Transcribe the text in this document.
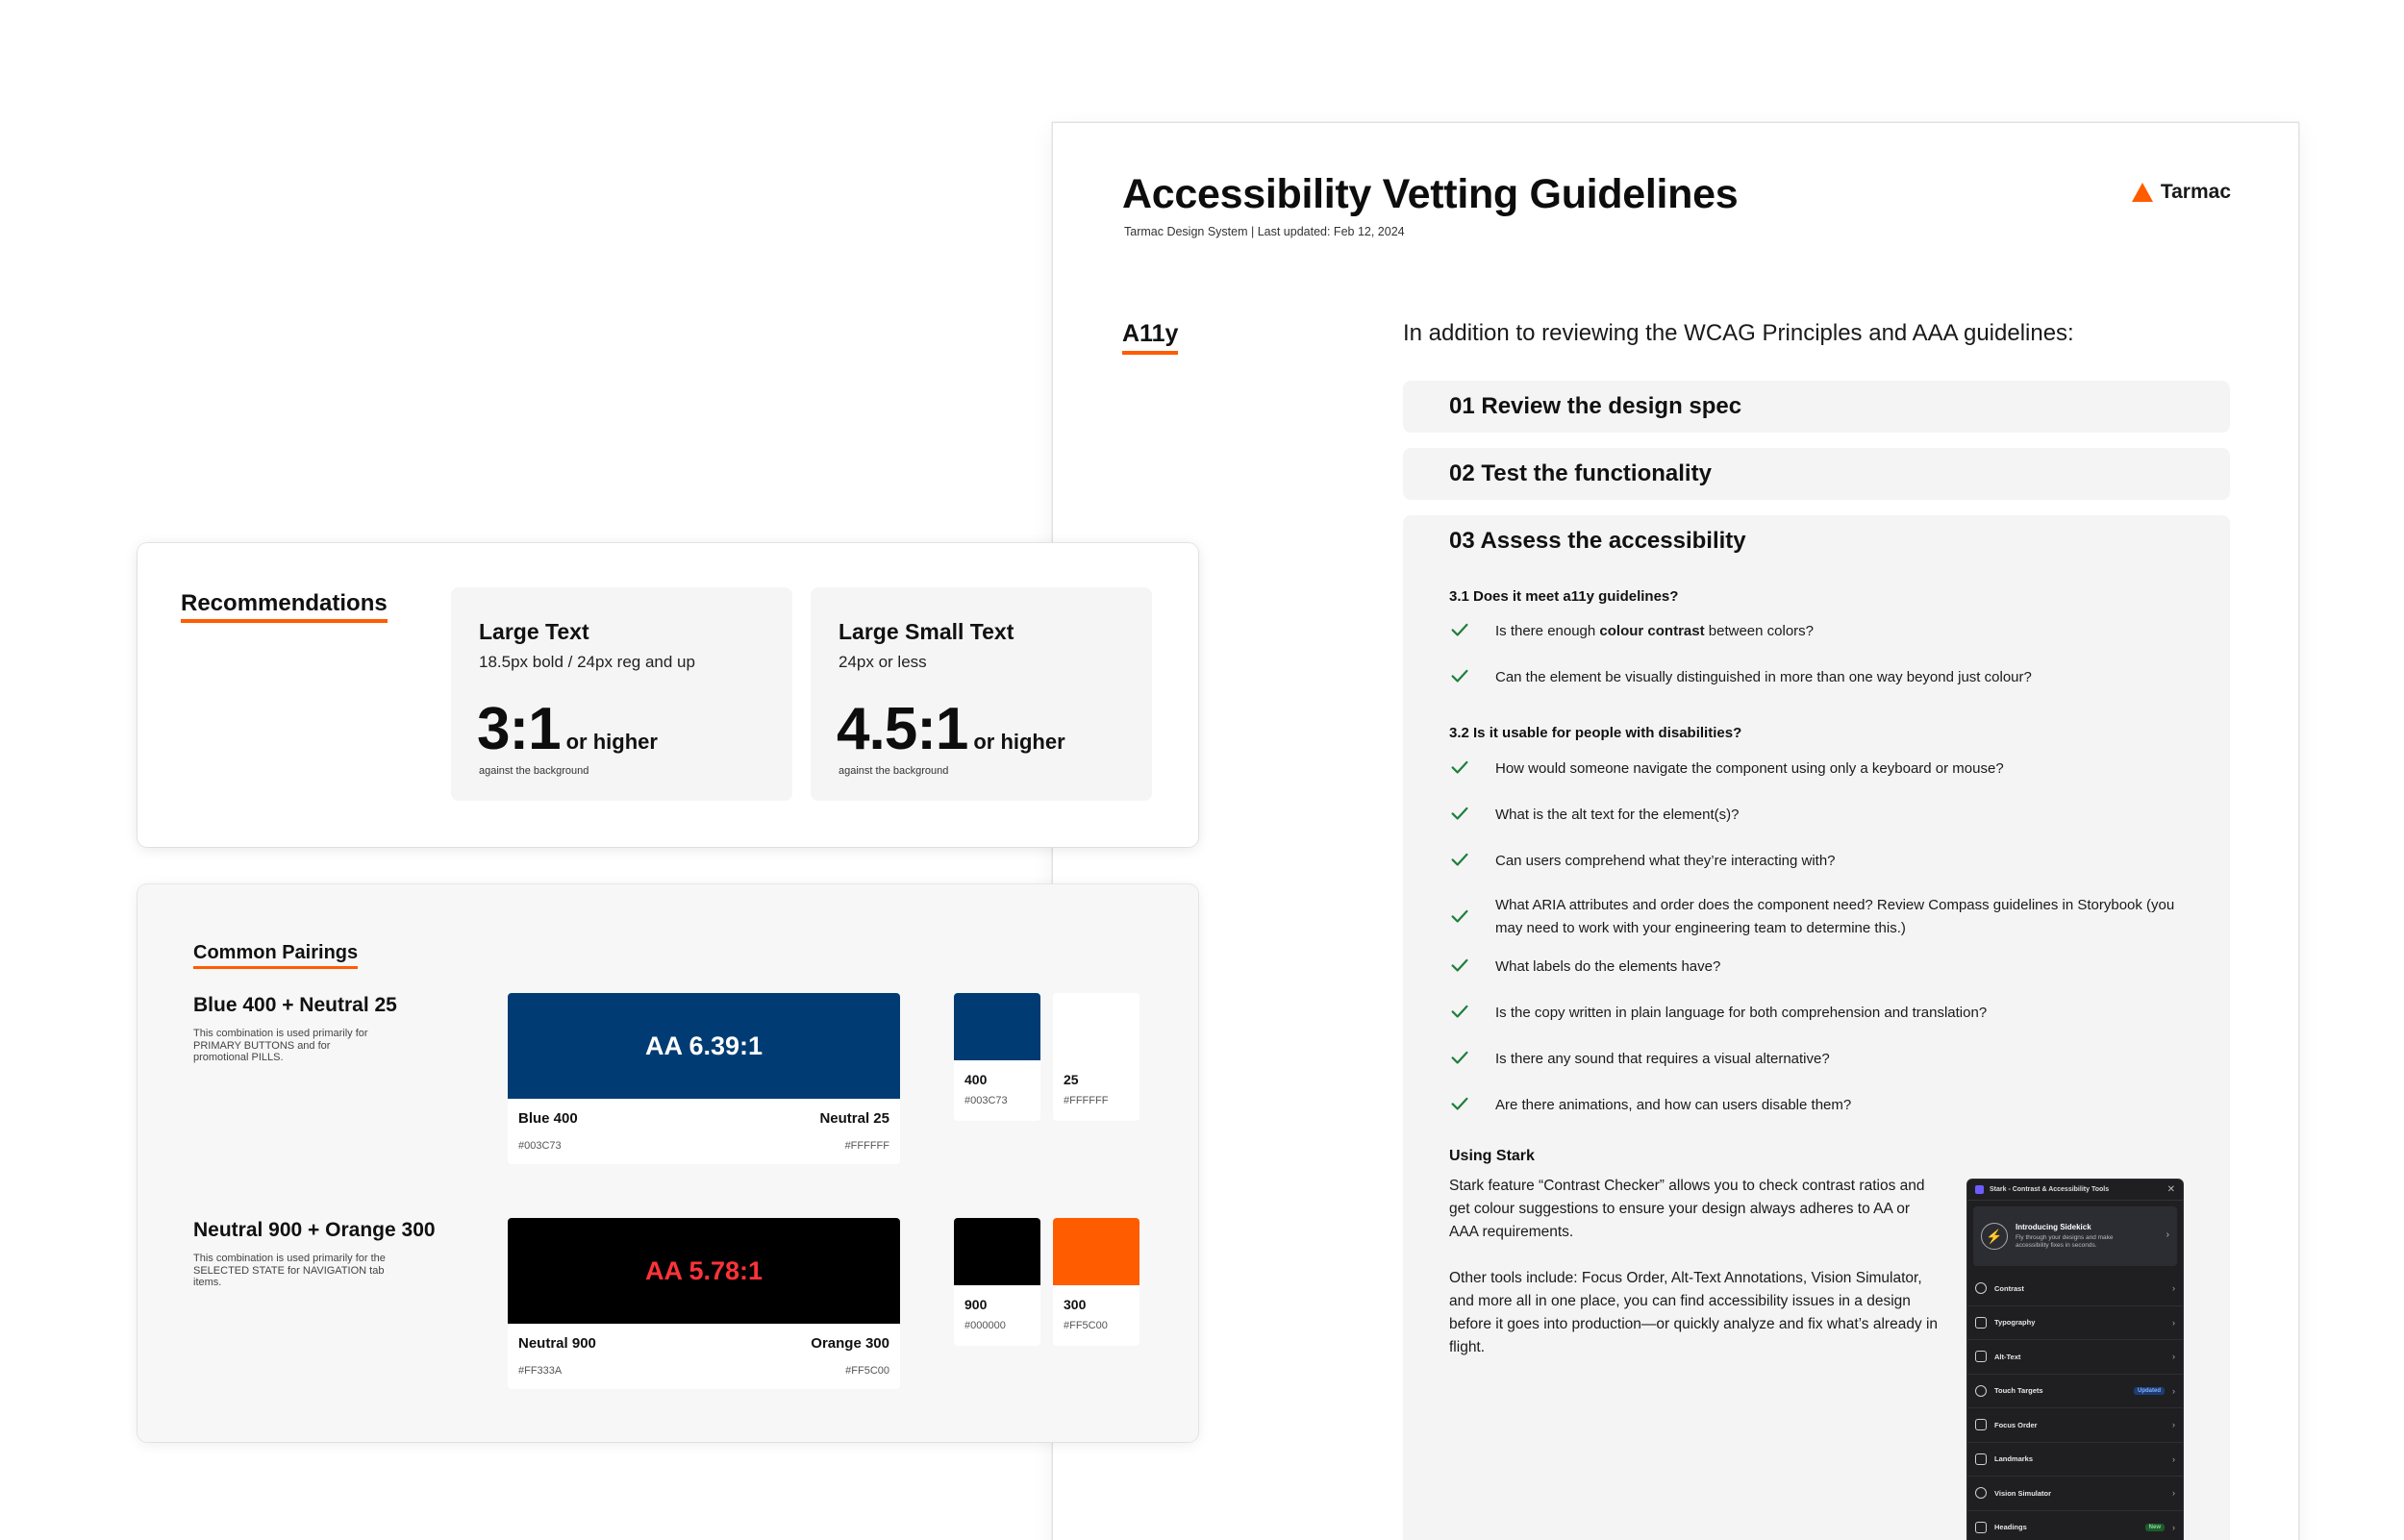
Accessibility Vetting Guidelines
Tarmac Design System | Last updated: Feb 12, 2024
Tarmac
A11y	In addition to reviewing the WCAG Principles and AAA guidelines:
01 Review the design spec
02 Test the functionality
03 Assess the accessibility
3.1 Does it meet a11y guidelines?
Is there enough colour contrast between colors?
Can the element be visually distinguished in more than one way beyond just colour?
3.2 Is it usable for people with disabilities?
How would someone navigate the component using only a keyboard or mouse?
What is the alt text for the element(s)?
Can users comprehend what they’re interacting with?
What ARIA attributes and order does the component need? Review Compass guidelines in Storybook (you may need to work with your engineering team to determine this.)
What labels do the elements have?
Is the copy written in plain language for both comprehension and translation?
Is there any sound that requires a visual alternative?
Are there animations, and how can users disable them?
Using Stark
Stark feature “Contrast Checker” allows you to check contrast ratios and get colour suggestions to ensure your design always adheres to AA or AAA requirements.
Other tools include: Focus Order, Alt-Text Annotations, Vision Simulator, and more all in one place, you can find accessibility issues in a design before it goes into production—or quickly analyze and fix what’s already in flight.
Stark - Contrast & Accessibility Tools	✕
⚡
Introducing Sidekick
Fly through your designs and make accessibility fixes in seconds.
›
Contrast	›
Typography	›
Alt-Text	›
Touch Targets	Updated	›
Focus Order	›
Landmarks	›
Vision Simulator	›
Headings	New	›
Recommendations
Large Text
18.5px bold / 24px reg and up
3:1 or higher
against the background
Large Small Text
24px or less
4.5:1 or higher
against the background
Common Pairings
Blue 400 + Neutral 25
This combination is used primarily for PRIMARY BUTTONS and for promotional PILLS.	AA 6.39:1
Blue 400	Neutral 25
#003C73	#FFFFFF
400
#003C73
25
#FFFFFF
Neutral 900 + Orange 300
This combination is used primarily for the SELECTED STATE for NAVIGATION tab items.	AA 5.78:1
Neutral 900	Orange 300
#FF333A	#FF5C00
900
#000000
300
#FF5C00
